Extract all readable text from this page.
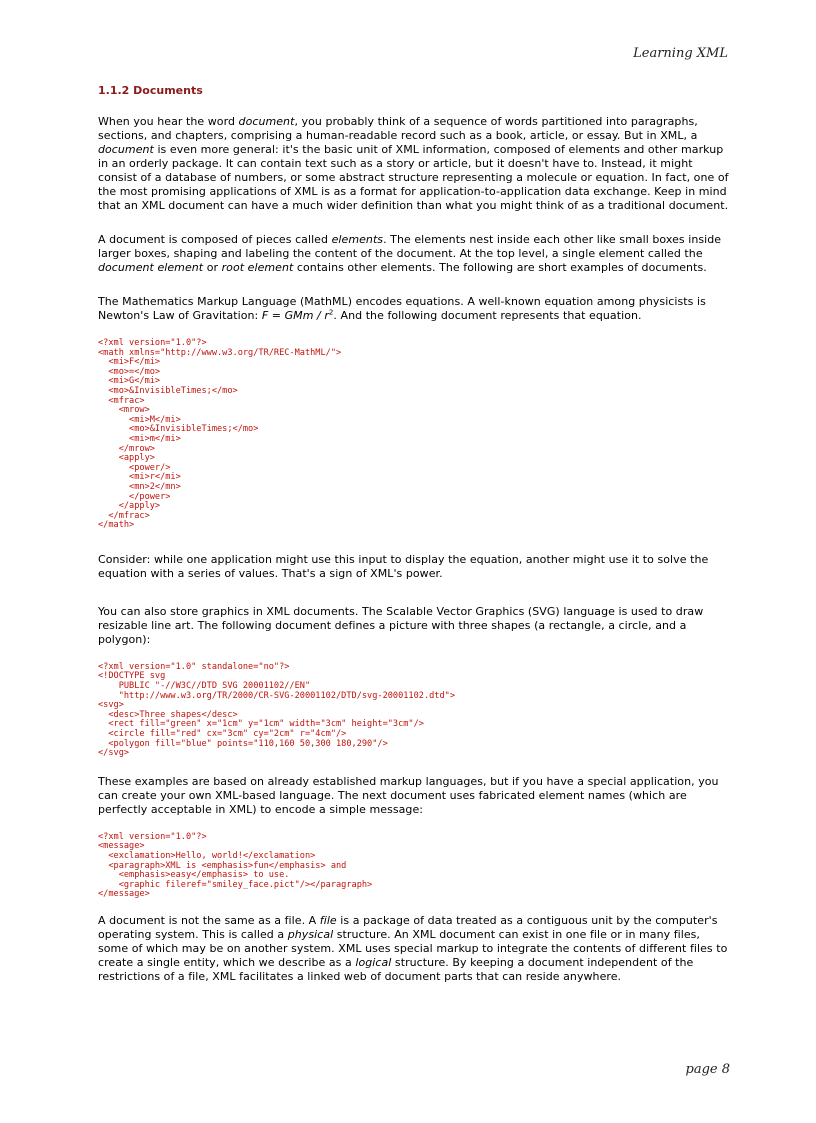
Learning XML
1.1.2 Documents

When you hear the word document, you probably think of a sequence of words partitioned into paragraphs, sections, and chapters, comprising a human-readable record such as a book, article, or essay. But in XML, a document is even more general: it's the basic unit of XML information, composed of elements and other markup in an orderly package. It can contain text such as a story or article, but it doesn't have to. Instead, it might consist of a database of numbers, or some abstract structure representing a molecule or equation. In fact, one of the most promising applications of XML is as a format for application-to-application data exchange. Keep in mind that an XML document can have a much wider definition than what you might think of as a traditional document.

A document is composed of pieces called elements. The elements nest inside each other like small boxes inside larger boxes, shaping and labeling the content of the document. At the top level, a single element called the document element or root element contains other elements. The following are short examples of documents.

The Mathematics Markup Language (MathML) encodes equations. A well-known equation among physicists is Newton's Law of Gravitation: F = GMm / $r^2$. And the following document represents that equation.

<?xml version="1.0"?>
<math xmlns="http://www.w3.org/TR/REC-MathML/">
<mi>F</mi>
<mo>=</mo>
<mi>G</mi>
<mo>&InvisibleTimes;</mo>
<mfrac>
<mrow>
<mi>M</mi>
<mo>&InvisibleTimes;</mo>
<mi>m</mi>
</mrow>
<apply>
<power/>
<mi>r</mi>
<mn>2</mn>
</power>
</apply>
</mfrac>
</math>

Consider: while one application might use this input to display the equation, another might use it to solve the equation with a series of values. That's a sign of XML's power.

You can also store graphics in XML documents. The Scalable Vector Graphics (SVG) language is used to draw resizable line art. The following document defines a picture with three shapes (a rectangle, a circle, and a polygon):

<?xml version="1.0" standalone="no"?>
<!DOCTYPE svg
PUBLIC "-//W3C//DTD SVG 20001102//EN"
"http://www.w3.org/TR/2000/CR-SVG-20001102/DTD/svg-20001102.dtd">
<svg>
<desc>Three shapes</desc>
<rect fill="green" x="1cm" y="1cm" width="3cm" height="3cm"/>
<circle fill="red" cx="3cm" cy="2cm" r="4cm"/>
<polygon fill="blue" points="110,160 50,300 180,290"/>
</svg>

These examples are based on already established markup languages, but if you have a special application, you can create your own XML-based language. The next document uses fabricated element names (which are perfectly acceptable in XML) to encode a simple message:

<?xml version="1.0"?>
<message>
<exclamation>Hello, world!</exclamation>
<paragraph>XML is <emphasis>fun</emphasis> and
<emphasis>easy</emphasis> to use.
<graphic fileref="smiley_face.pict"/></paragraph>
</message>

A document is not the same as a file. A file is a package of data treated as a contiguous unit by the computer's operating system. This is called a physical structure. An XML document can exist in one file or in many files, some of which may be on another system. XML uses special markup to integrate the contents of different files to create a single entity, which we describe as a logical structure. By keeping a document independent of the restrictions of a file, XML facilitates a linked web of document parts that can reside anywhere.

page 8
